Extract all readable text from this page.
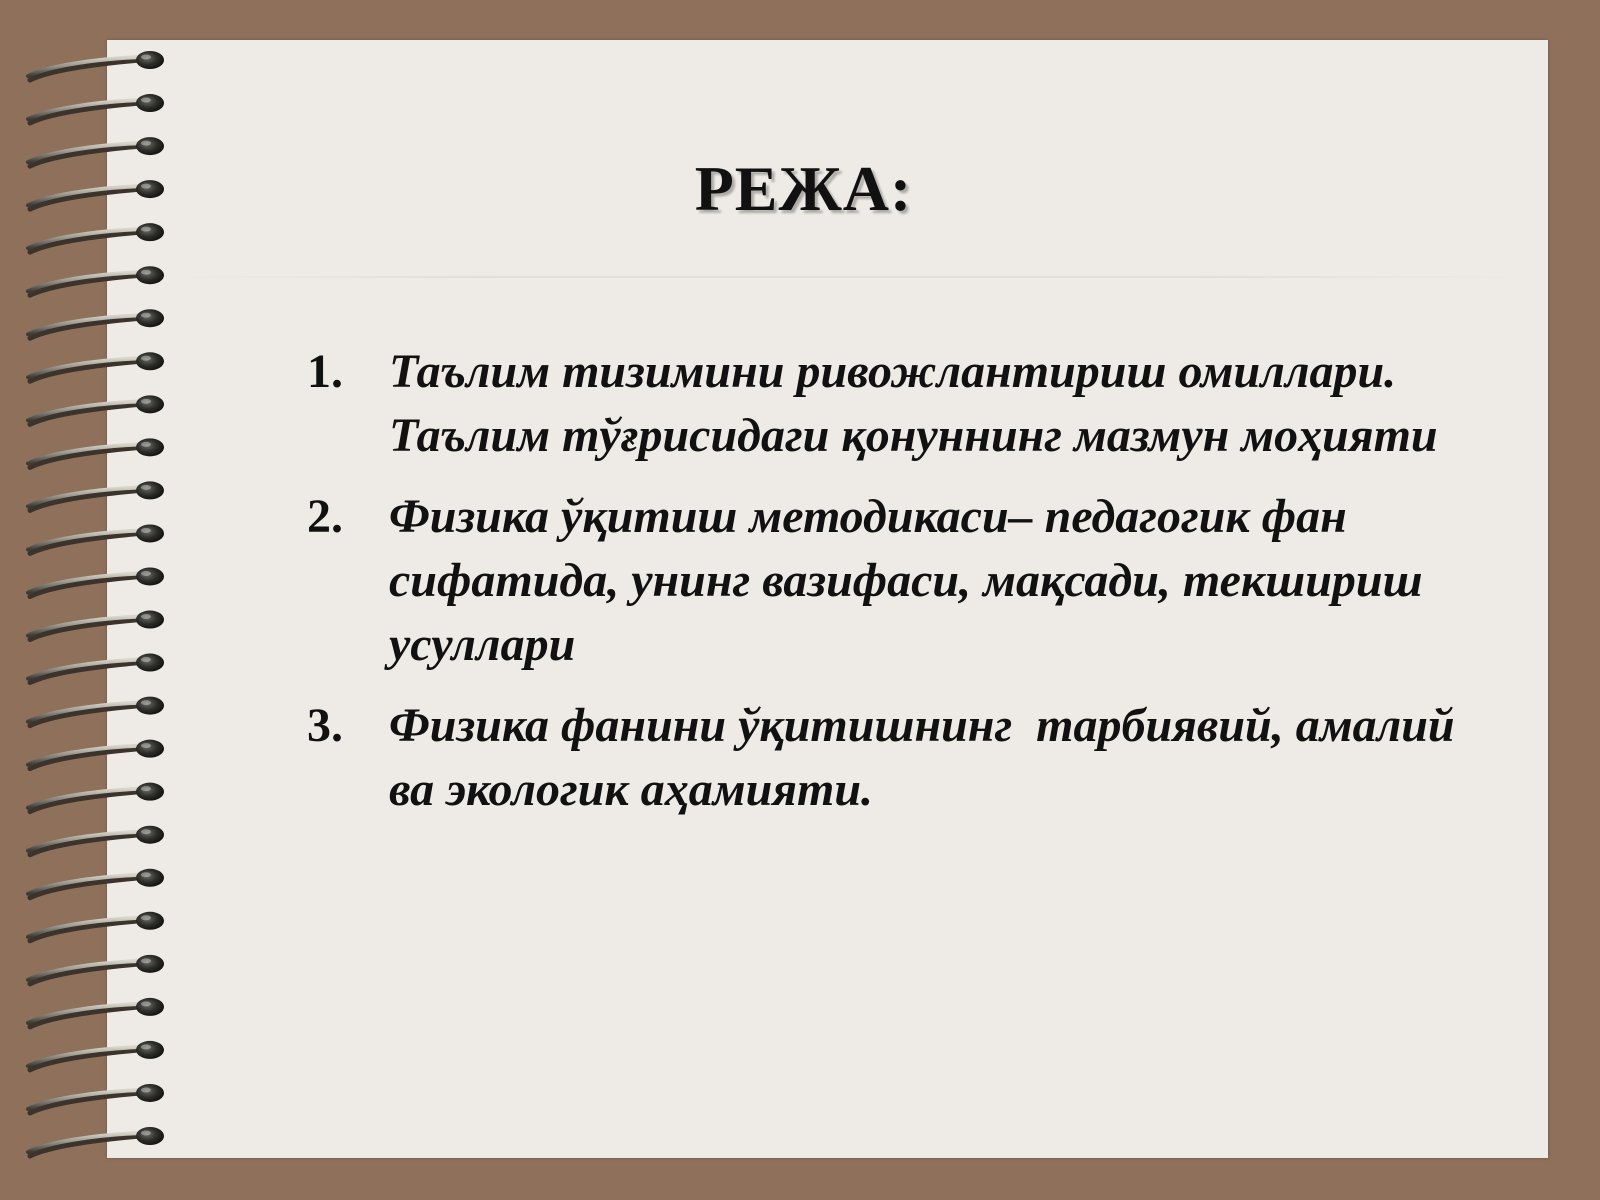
РЕЖА:
1. Таълим тизимини ривожлантириш омиллари. Таълим тўғрисидаги қонуннинг мазмун моҳияти
2. Физика ўқитиш методикаси– педагогик фан сифатида, унинг вазифаси, мақсади, текшириш усуллари
3. Физика фанини ўқитишнинг  тарбиявий, амалий ва экологик аҳамияти.
